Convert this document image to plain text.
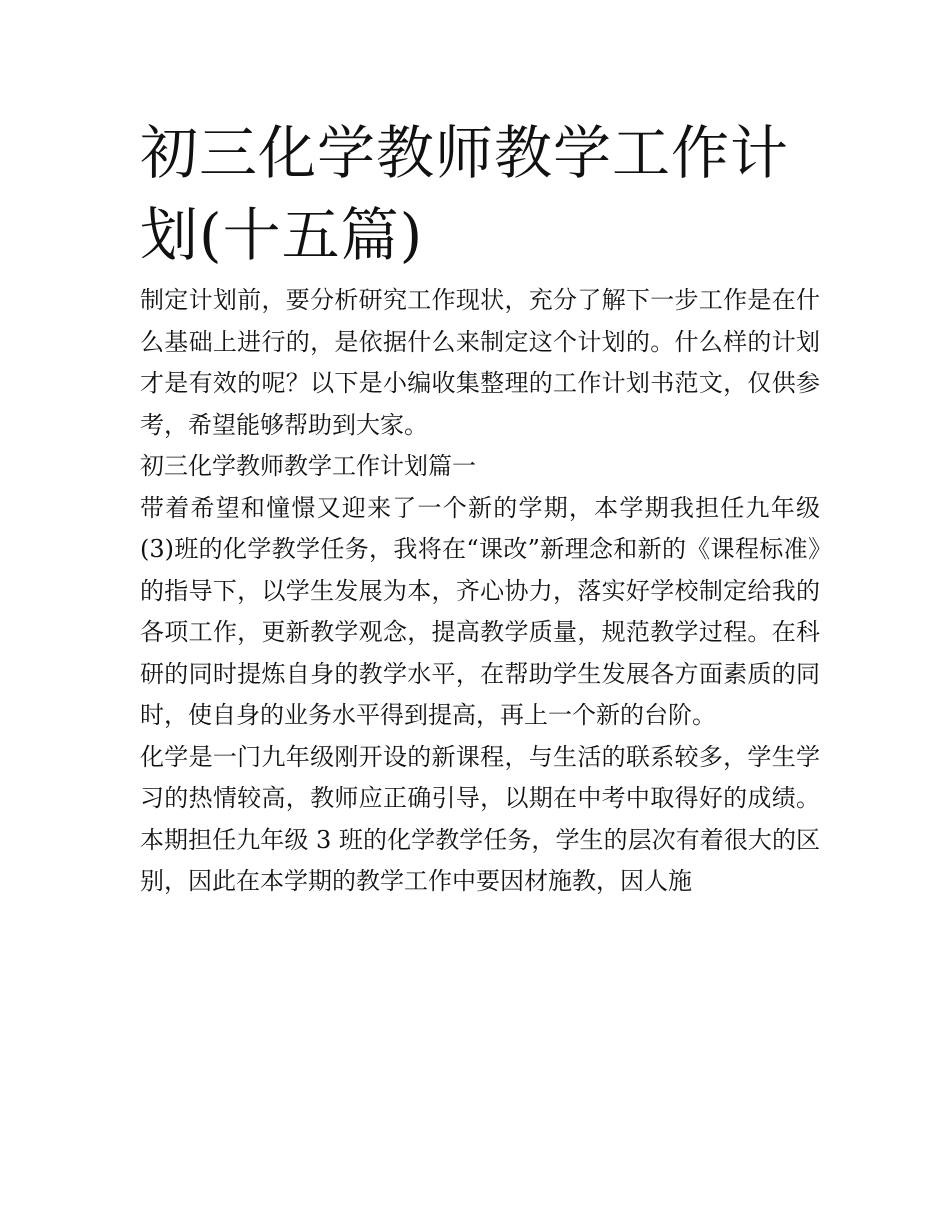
初三化学教师教学工作计划(十五篇)

制定计划前，要分析研究工作现状，充分了解下一步工作是在什么基础上进行的，是依据什么来制定这个计划的。什么样的计划才是有效的呢？以下是小编收集整理的工作计划书范文，仅供参考，希望能够帮助到大家。

初三化学教师教学工作计划篇一

带着希望和憧憬又迎来了一个新的学期，本学期我担任九年级(3)班的化学教学任务，我将在“课改”新理念和新的《课程标准》的指导下，以学生发展为本，齐心协力，落实好学校制定给我的各项工作，更新教学观念，提高教学质量，规范教学过程。在科研的同时提炼自身的教学水平，在帮助学生发展各方面素质的同时，使自身的业务水平得到提高，再上一个新的台阶。

化学是一门九年级刚开设的新课程，与生活的联系较多，学生学习的热情较高，教师应正确引导，以期在中考中取得好的成绩。本期担任九年级 3 班的化学教学任务，学生的层次有着很大的区别，因此在本学期的教学工作中要因材施教，因人施
